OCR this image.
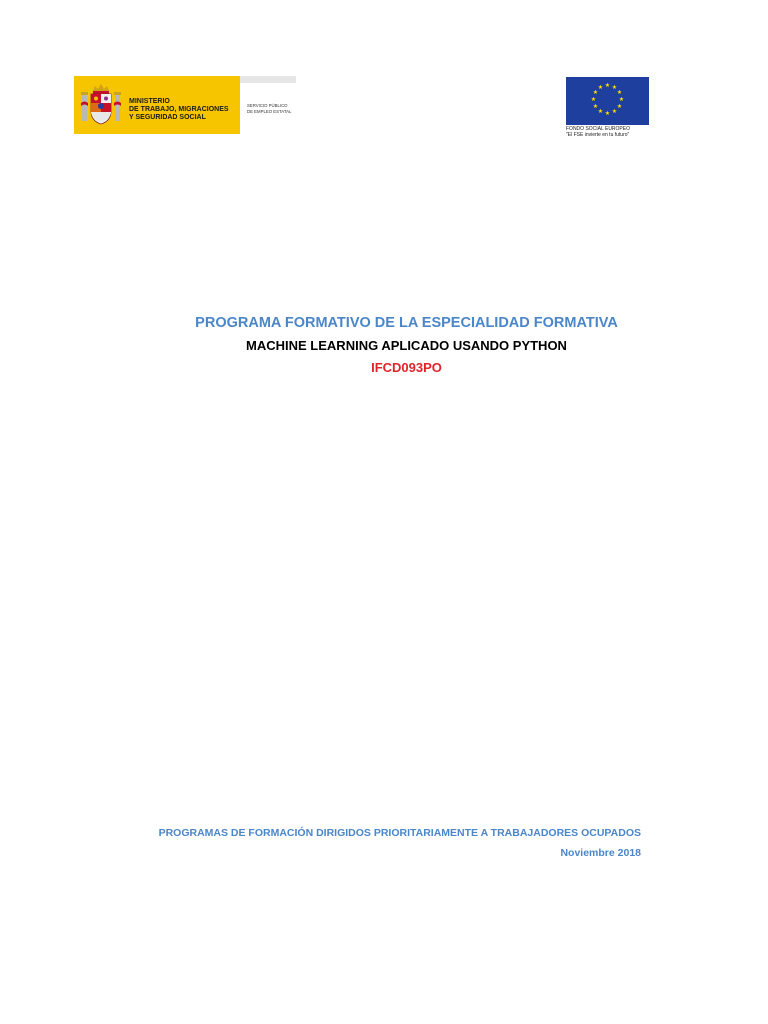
MINISTERIO
DE TRABAJO, MIGRACIONES
Y SEGURIDAD SOCIAL
SERVICIO PÚBLICO
DE EMPLEO ESTATAL
★ ★
★
★
★
★
★
★
★
★
★
★
FONDO SOCIAL EUROPEO
"El FSE invierte en tu futuro"

PROGRAMA FORMATIVO DE LA ESPECIALIDAD FORMATIVA

MACHINE LEARNING APLICADO USANDO PYTHON

IFCD093PO

PROGRAMAS DE FORMACIÓN DIRIGIDOS PRIORITARIAMENTE A TRABAJADORES OCUPADOS
Noviembre 2018
